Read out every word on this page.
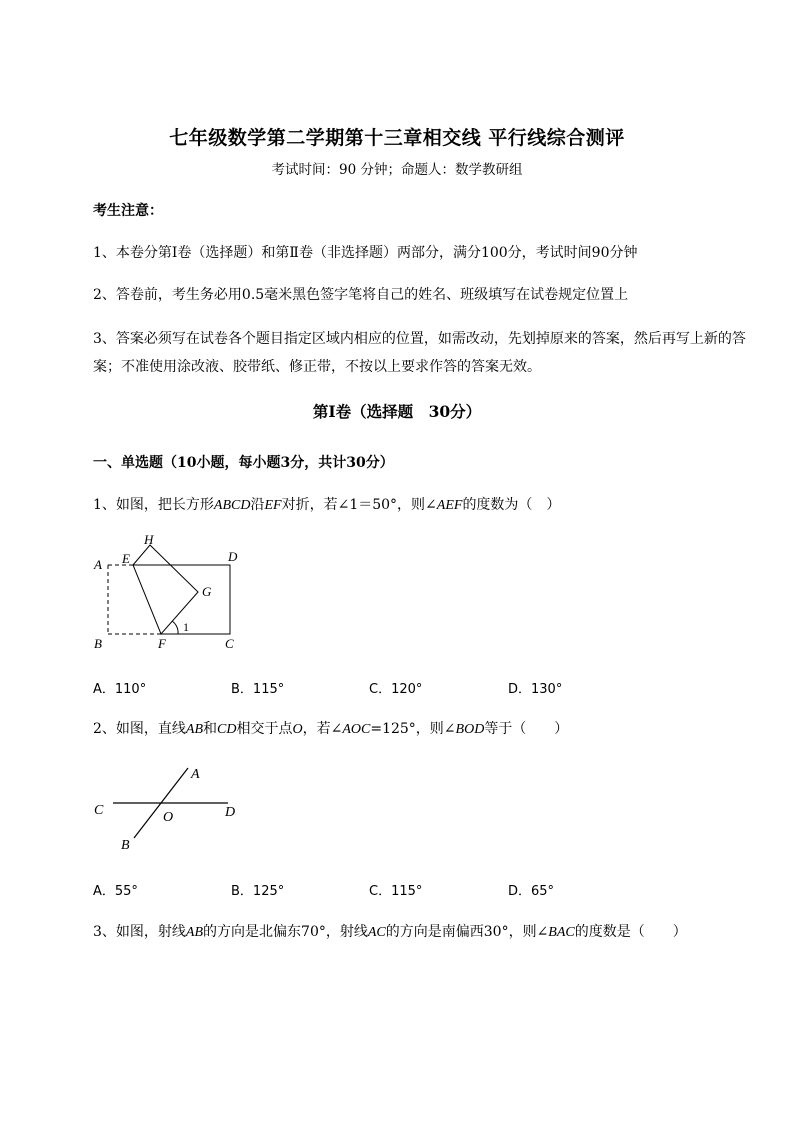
七年级数学第二学期第十三章相交线 平行线综合测评
考试时间：90 分钟；命题人：数学教研组
考生注意：
1、本卷分第Ⅰ卷（选择题）和第Ⅱ卷（非选择题）两部分，满分100分，考试时间90分钟
2、答卷前，考生务必用0.5毫米黑色签字笔将自己的姓名、班级填写在试卷规定位置上
3、答案必须写在试卷各个题目指定区域内相应的位置，如需改动，先划掉原来的答案，然后再写上新的答案；不准使用涂改液、胶带纸、修正带，不按以上要求作答的答案无效。
第Ⅰ卷（选择题　30分）
一、单选题（10小题，每小题3分，共计30分）
1、如图，把长方形ABCD沿EF对折，若∠1＝50°，则∠AEF的度数为（　）
A
B	C
D
E
F
G
H
1
A．110°	B．115°	C．120°	D．130°
2、如图，直线AB和CD相交于点O，若∠AOC=125°，则∠BOD等于（　　）
A
B
C	D
O
A．55°	B．125°	C．115°	D．65°
3、如图，射线AB的方向是北偏东70°，射线AC的方向是南偏西30°，则∠BAC的度数是（　　）
